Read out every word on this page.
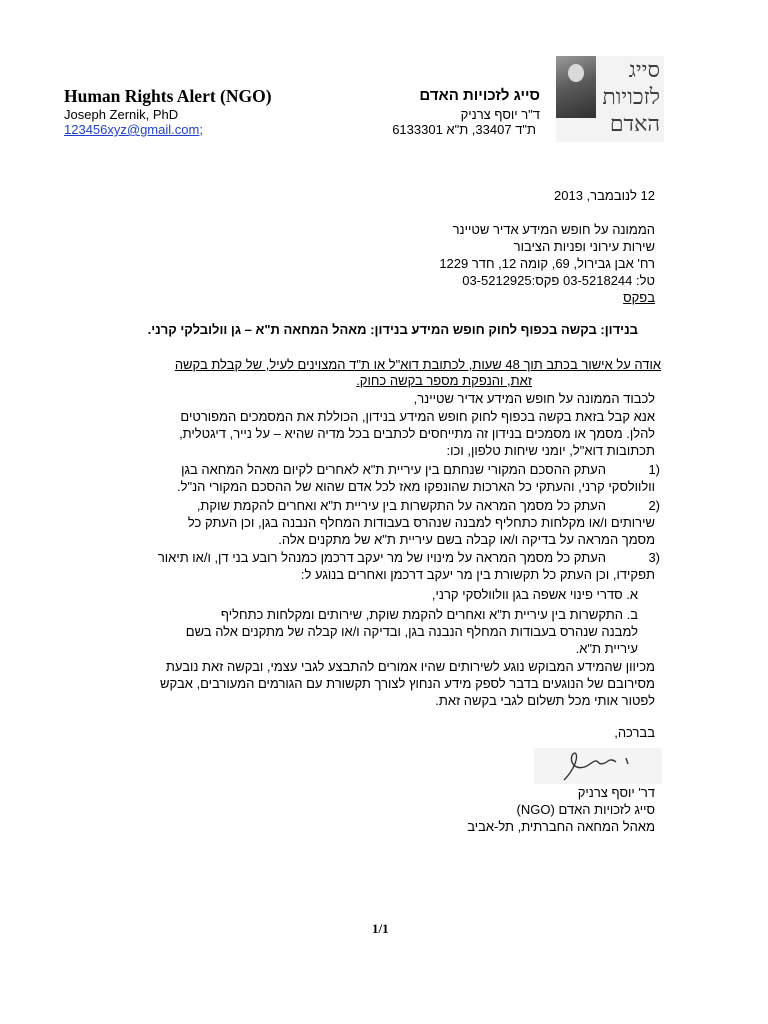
Human Rights Alert (NGO)
Joseph Zernik, PhD
123456xyz@gmail.com;
סייג לזכויות האדם
ד"ר יוסף צרניק
ת"ד 33407, ת"א 6133301
סייג
לזכויות
האדם
12 לנובמבר, 2013
הממונה על חופש המידע אדיר שטיינר
שירות עירוני ופניות הציבור
רח' אבן גבירול, 69, קומה 12, חדר 1229
טל: 03-5218244 פקס:03-5212925
בפקס
בנידון: בקשה בכפוף לחוק חופש המידע בנידון: מאהל המחאה ת"א – גן וולובלקי קרני.
אודה על אישור בכתב תוך 48 שעות, לכתובת דוא"ל או ת"ד המצוינים לעיל, של קבלת בקשה
זאת, והנפקת מספר בקשה כחוק.
לכבוד הממונה על חופש המידע אדיר שטיינר,
אנא קבל בזאת בקשה בכפוף לחוק חופש המידע בנידון, הכוללת את המסמכים המפורטים
להלן. מסמך או מסמכים בנידון זה מתייחסים לכתבים בכל מדיה שהיא – על נייר, דיגטלית,
תכתובות דוא"ל, יומני שיחות טלפון, וכו:
1)
העתק ההסכם המקורי שנחתם בין עיריית ת"א לאחרים לקיום מאהל המחאה בגן
וולוולסקי קרני, והעתקי כל הארכות שהונפקו מאז לכל אדם שהוא של ההסכם המקורי הנ"ל.
2)
העתק כל מסמך המראה על התקשרות בין עיריית ת"א ואחרים להקמת שוקת,
שירותים ו/או מקלחות כתחליף למבנה שנהרס בעבודות המחלף הנבנה בגן, וכן העתק כל
מסמך המראה על בדיקה ו/או קבלה בשם עיריית ת"א של מתקנים אלה.
3)
העתק כל מסמך המראה על מינויו של מר יעקב דרכמן כמנהל רובע בני דן, ו/או תיאור
תפקידו, וכן העתק כל תקשורת בין מר יעקב דרכמן ואחרים בנוגע ל:
א. סדרי פינוי אשפה בגן וולוולסקי קרני,
ב. התקשרות בין עיריית ת"א ואחרים להקמת שוקת, שירותים ומקלחות כתחליף
למבנה שנהרס בעבודות המחלף הנבנה בגן, ובדיקה ו/או קבלה של מתקנים אלה בשם
עיריית ת"א.
מכיוון שהמידע המבוקש נוגע לשירותים שהיו אמורים להתבצע לגבי עצמי, ובקשה זאת נובעת
מסירובם של הנוגעים בדבר לספק מידע הנחוץ לצורך תקשורת עם הגורמים המעורבים, אבקש
לפטור אותי מכל תשלום לגבי בקשה זאת.
בברכה,
דר' יוסף צרניק
סייג לזכויות האדם (NGO)
מאהל המחאה החברתית, תל-אביב
1/1
